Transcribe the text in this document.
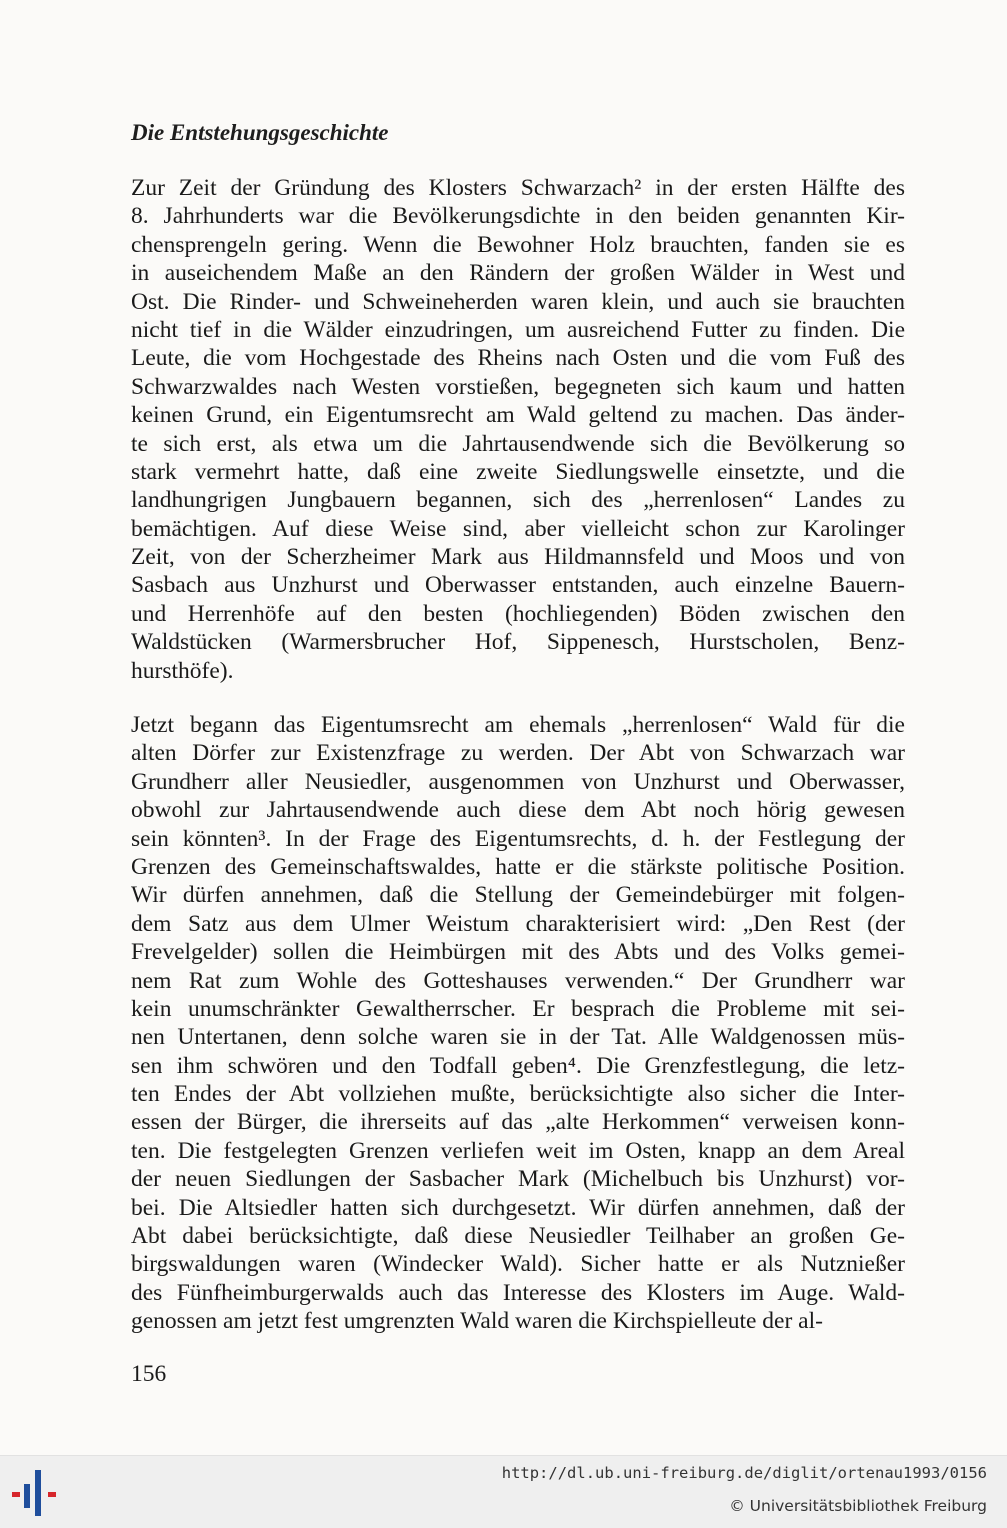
Die Entstehungsgeschichte
Zur Zeit der Gründung des Klosters Schwarzach² in der ersten Hälfte des
8. Jahrhunderts war die Bevölkerungsdichte in den beiden genannten Kir-
chensprengeln gering. Wenn die Bewohner Holz brauchten, fanden sie es
in auseichendem Maße an den Rändern der großen Wälder in West und
Ost. Die Rinder- und Schweineherden waren klein, und auch sie brauchten
nicht tief in die Wälder einzudringen, um ausreichend Futter zu finden. Die
Leute, die vom Hochgestade des Rheins nach Osten und die vom Fuß des
Schwarzwaldes nach Westen vorstießen, begegneten sich kaum und hatten
keinen Grund, ein Eigentumsrecht am Wald geltend zu machen. Das änder-
te sich erst, als etwa um die Jahrtausendwende sich die Bevölkerung so
stark vermehrt hatte, daß eine zweite Siedlungswelle einsetzte, und die
landhungrigen Jungbauern begannen, sich des „herrenlosen“ Landes zu
bemächtigen. Auf diese Weise sind, aber vielleicht schon zur Karolinger
Zeit, von der Scherzheimer Mark aus Hildmannsfeld und Moos und von
Sasbach aus Unzhurst und Oberwasser entstanden, auch einzelne Bauern-
und Herrenhöfe auf den besten (hochliegenden) Böden zwischen den
Waldstücken (Warmersbrucher Hof, Sippenesch, Hurstscholen, Benz-
hursthöfe).
Jetzt begann das Eigentumsrecht am ehemals „herrenlosen“ Wald für die
alten Dörfer zur Existenzfrage zu werden. Der Abt von Schwarzach war
Grundherr aller Neusiedler, ausgenommen von Unzhurst und Oberwasser,
obwohl zur Jahrtausendwende auch diese dem Abt noch hörig gewesen
sein könnten³. In der Frage des Eigentumsrechts, d. h. der Festlegung der
Grenzen des Gemeinschaftswaldes, hatte er die stärkste politische Position.
Wir dürfen annehmen, daß die Stellung der Gemeindebürger mit folgen-
dem Satz aus dem Ulmer Weistum charakterisiert wird: „Den Rest (der
Frevelgelder) sollen die Heimbürgen mit des Abts und des Volks gemei-
nem Rat zum Wohle des Gotteshauses verwenden.“ Der Grundherr war
kein unumschränkter Gewaltherrscher. Er besprach die Probleme mit sei-
nen Untertanen, denn solche waren sie in der Tat. Alle Waldgenossen müs-
sen ihm schwören und den Todfall geben⁴. Die Grenzfestlegung, die letz-
ten Endes der Abt vollziehen mußte, berücksichtigte also sicher die Inter-
essen der Bürger, die ihrerseits auf das „alte Herkommen“ verweisen konn-
ten. Die festgelegten Grenzen verliefen weit im Osten, knapp an dem Areal
der neuen Siedlungen der Sasbacher Mark (Michelbuch bis Unzhurst) vor-
bei. Die Altsiedler hatten sich durchgesetzt. Wir dürfen annehmen, daß der
Abt dabei berücksichtigte, daß diese Neusiedler Teilhaber an großen Ge-
birgswaldungen waren (Windecker Wald). Sicher hatte er als Nutznießer
des Fünfheimburgerwalds auch das Interesse des Klosters im Auge. Wald-
genossen am jetzt fest umgrenzten Wald waren die Kirchspielleute der al-

156

http://dl.ub.uni-freiburg.de/diglit/ortenau1993/0156
© Universitätsbibliothek Freiburg
